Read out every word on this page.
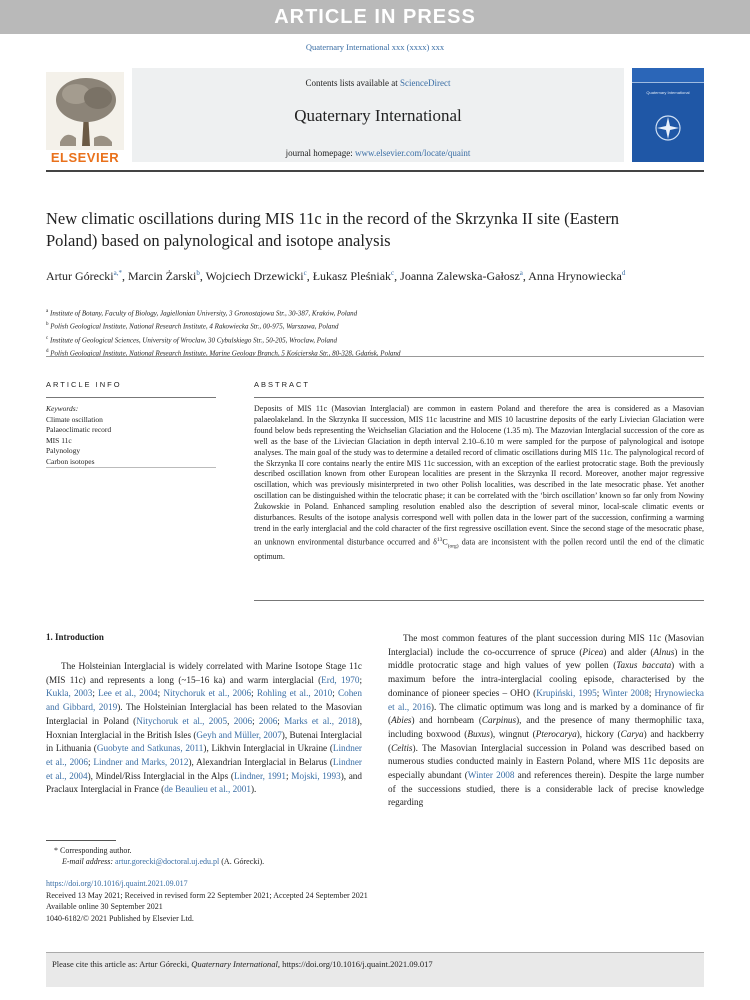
ARTICLE IN PRESS
Quaternary International xxx (xxxx) xxx
ELSEVIER
Contents lists available at ScienceDirect
Quaternary International
journal homepage: www.elsevier.com/locate/quaint
Quaternary International
New climatic oscillations during MIS 11c in the record of the Skrzynka II site (Eastern Poland) based on palynological and isotope analysis
Artur Górecki$^{a,*}$, Marcin Żarski$^b$, Wojciech Drzewicki$^c$, Łukasz Pleśniak$^c$, Joanna Zalewska-Gałosz$^a$, Anna Hrynowiecka$^d$
$^a$ Institute of Botany, Faculty of Biology, Jagiellonian University, 3 Gronostajowa Str., 30-387, Kraków, Poland
$^b$ Polish Geological Institute, National Research Institute, 4 Rakowiecka Str., 00-975, Warszawa, Poland
$^c$ Institute of Geological Sciences, University of Wroclaw, 30 Cybulskiego Str., 50-205, Wroclaw, Poland
$^d$ Polish Geological Institute, National Research Institute, Marine Geology Branch, 5 Kościerska Str., 80-328, Gdańsk, Poland
ARTICLE INFO	ABSTRACT
Keywords:
Climate oscillation
Palaeoclimatic record
MIS 11c
Palynology
Carbon isotopes
Deposits of MIS 11c (Masovian Interglacial) are common in eastern Poland and therefore the area is considered as a Masovian palaeolakeland. In the Skrzynka II succession, MIS 11c lacustrine and MIS 10 lacustrine deposits of the early Liviecian Glaciation were found below beds representing the Weichselian Glaciation and the Holocene (1.35 m). The Mazovian Interglacial succession of the core as well as the base of the Liviecian Glaciation in depth interval 2.10–6.10 m were sampled for the purpose of palynological and isotope analyses. The main goal of the study was to determine a detailed record of climatic oscillations during MIS 11c. The palynological record of the Skrzynka II core contains nearly the entire MIS 11c succession, with an exception of the earliest protocratic stage. Both the previously described oscillation known from other European localities are present in the Skrzynka II record. Moreover, another major regressive oscillation, which was previously misinterpreted in two other Polish localities, was described in the late mesocratic phase. Yet another oscillation can be distinguished within the telocratic phase; it can be correlated with the ‘birch oscillation’ known so far only from Nowiny Żukowskie in Poland. Enhanced sampling resolution enabled also the description of several minor, local-scale climatic events or disturbances. Results of the isotope analysis correspond well with pollen data in the lower part of the succession, confirming a warming trend in the early interglacial and the cold character of the first regressive oscillation event. Since the second stage of the mesocratic phase, an unknown environmental disturbance occurred and $\delta^{13}C_{(org)}$ data are inconsistent with the pollen record until the end of the climatic optimum.
1. Introduction

The Holsteinian Interglacial is widely correlated with Marine Isotope Stage 11c (MIS 11c) and represents a long (~15–16 ka) and warm interglacial (Erd, 1970; Kukla, 2003; Lee et al., 2004; Nitychoruk et al., 2006; Rohling et al., 2010; Cohen and Gibbard, 2019). The Holsteinian Interglacial has been related to the Masovian Interglacial in Poland (Nitychoruk et al., 2005, 2006; 2006; Marks et al., 2018), Hoxnian Interglacial in the British Isles (Geyh and Müller, 2007), Butenai Interglacial in Lithuania (Guobyte and Satkunas, 2011), Likhvin Interglacial in Ukraine (Lindner et al., 2006; Lindner and Marks, 2012), Alexandrian Interglacial in Belarus (Lindner et al., 2004), Mindel/Riss Interglacial in the Alps (Lindner, 1991; Mojski, 1993), and Praclaux Interglacial in France (de Beaulieu et al., 2001).

The most common features of the plant succession during MIS 11c (Masovian Interglacial) include the co-occurrence of spruce (Picea) and alder (Alnus) in the middle protocratic stage and high values of yew pollen (Taxus baccata) with a maximum before the intra-interglacial cooling episode, characterised by the dominance of pioneer species – OHO (Krupiński, 1995; Winter 2008; Hrynowiecka et al., 2016). The climatic optimum was long and is marked by a dominance of fir (Abies) and hornbeam (Carpinus), and the presence of many thermophilic taxa, including boxwood (Buxus), wingnut (Pterocarya), hickory (Carya) and hackberry (Celtis). The Masovian Interglacial succession in Poland was described based on numerous studies conducted mainly in Eastern Poland, where MIS 11c deposits are especially abundant (Winter 2008 and references therein). Despite the large number of the successions studied, there is a considerable lack of precise knowledge regarding

* Corresponding author.
E-mail address: artur.gorecki@doctoral.uj.edu.pl (A. Górecki).
https://doi.org/10.1016/j.quaint.2021.09.017
Received 13 May 2021; Received in revised form 22 September 2021; Accepted 24 September 2021
Available online 30 September 2021
1040-6182/© 2021 Published by Elsevier Ltd.
Please cite this article as: Artur Górecki, Quaternary International, https://doi.org/10.1016/j.quaint.2021.09.017
